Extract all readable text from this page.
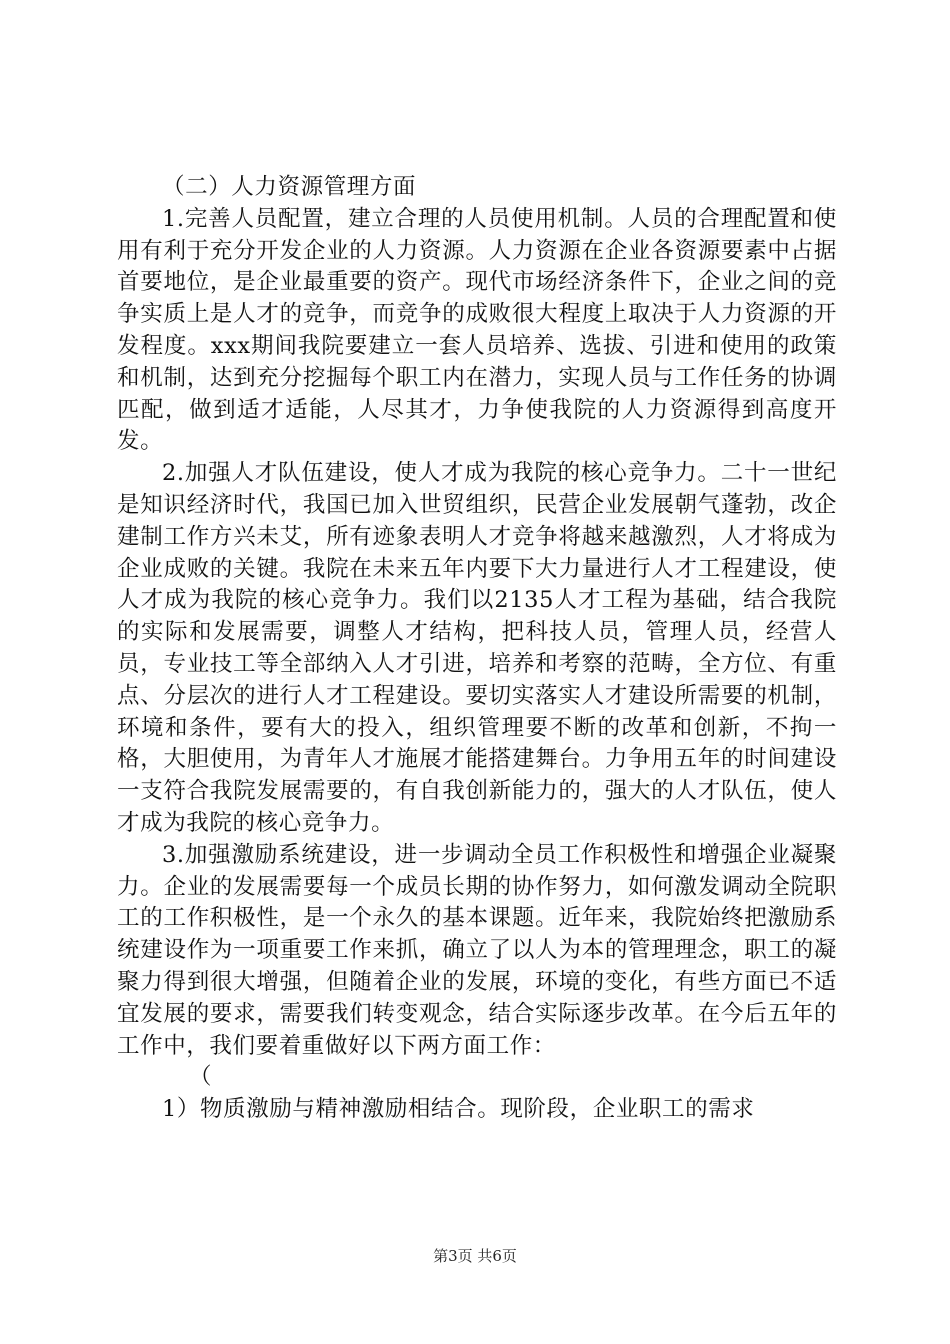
（二）人力资源管理方面

1.完善人员配置，建立合理的人员使用机制。人员的合理配置和使用有利于充分开发企业的人力资源。人力资源在企业各资源要素中占据首要地位，是企业最重要的资产。现代市场经济条件下，企业之间的竞争实质上是人才的竞争，而竞争的成败很大程度上取决于人力资源的开发程度。xxx期间我院要建立一套人员培养、选拔、引进和使用的政策和机制，达到充分挖掘每个职工内在潜力，实现人员与工作任务的协调匹配，做到适才适能，人尽其才，力争使我院的人力资源得到高度开发。

2.加强人才队伍建设，使人才成为我院的核心竞争力。二十一世纪是知识经济时代，我国已加入世贸组织，民营企业发展朝气蓬勃，改企建制工作方兴未艾，所有迹象表明人才竞争将越来越激烈，人才将成为企业成败的关键。我院在未来五年内要下大力量进行人才工程建设，使人才成为我院的核心竞争力。我们以2135人才工程为基础，结合我院的实际和发展需要，调整人才结构，把科技人员，管理人员，经营人员，专业技工等全部纳入人才引进，培养和考察的范畴，全方位、有重点、分层次的进行人才工程建设。要切实落实人才建设所需要的机制，环境和条件，要有大的投入，组织管理要不断的改革和创新，不拘一格，大胆使用，为青年人才施展才能搭建舞台。力争用五年的时间建设一支符合我院发展需要的，有自我创新能力的，强大的人才队伍，使人才成为我院的核心竞争力。

3.加强激励系统建设，进一步调动全员工作积极性和增强企业凝聚力。企业的发展需要每一个成员长期的协作努力，如何激发调动全院职工的工作积极性，是一个永久的基本课题。近年来，我院始终把激励系统建设作为一项重要工作来抓，确立了以人为本的管理理念，职工的凝聚力得到很大增强，但随着企业的发展，环境的变化，有些方面已不适宜发展的要求，需要我们转变观念，结合实际逐步改革。在今后五年的工作中，我们要着重做好以下两方面工作：

（

1）物质激励与精神激励相结合。现阶段，企业职工的需求

第3页 共6页
